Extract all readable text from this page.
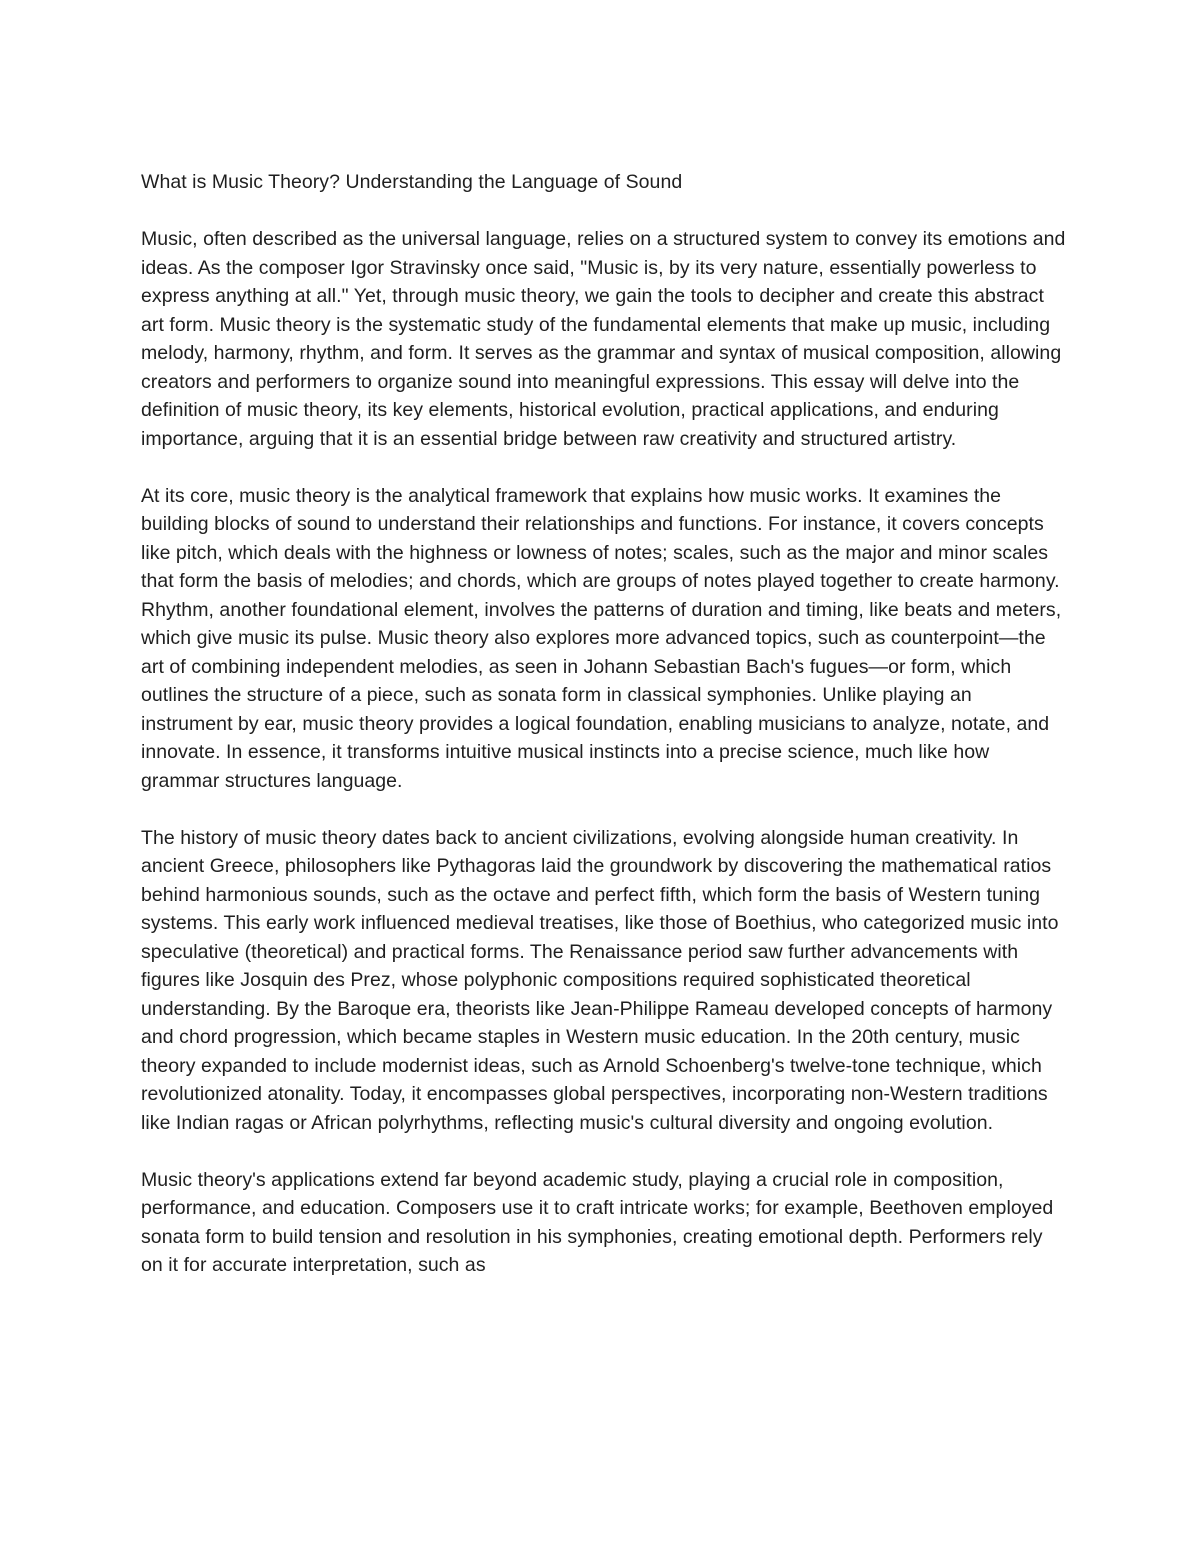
What is Music Theory? Understanding the Language of Sound
Music, often described as the universal language, relies on a structured system to convey its emotions and ideas. As the composer Igor Stravinsky once said, "Music is, by its very nature, essentially powerless to express anything at all." Yet, through music theory, we gain the tools to decipher and create this abstract art form. Music theory is the systematic study of the fundamental elements that make up music, including melody, harmony, rhythm, and form. It serves as the grammar and syntax of musical composition, allowing creators and performers to organize sound into meaningful expressions. This essay will delve into the definition of music theory, its key elements, historical evolution, practical applications, and enduring importance, arguing that it is an essential bridge between raw creativity and structured artistry.
At its core, music theory is the analytical framework that explains how music works. It examines the building blocks of sound to understand their relationships and functions. For instance, it covers concepts like pitch, which deals with the highness or lowness of notes; scales, such as the major and minor scales that form the basis of melodies; and chords, which are groups of notes played together to create harmony. Rhythm, another foundational element, involves the patterns of duration and timing, like beats and meters, which give music its pulse. Music theory also explores more advanced topics, such as counterpoint—the art of combining independent melodies, as seen in Johann Sebastian Bach's fugues—or form, which outlines the structure of a piece, such as sonata form in classical symphonies. Unlike playing an instrument by ear, music theory provides a logical foundation, enabling musicians to analyze, notate, and innovate. In essence, it transforms intuitive musical instincts into a precise science, much like how grammar structures language.
The history of music theory dates back to ancient civilizations, evolving alongside human creativity. In ancient Greece, philosophers like Pythagoras laid the groundwork by discovering the mathematical ratios behind harmonious sounds, such as the octave and perfect fifth, which form the basis of Western tuning systems. This early work influenced medieval treatises, like those of Boethius, who categorized music into speculative (theoretical) and practical forms. The Renaissance period saw further advancements with figures like Josquin des Prez, whose polyphonic compositions required sophisticated theoretical understanding. By the Baroque era, theorists like Jean-Philippe Rameau developed concepts of harmony and chord progression, which became staples in Western music education. In the 20th century, music theory expanded to include modernist ideas, such as Arnold Schoenberg's twelve-tone technique, which revolutionized atonality. Today, it encompasses global perspectives, incorporating non-Western traditions like Indian ragas or African polyrhythms, reflecting music's cultural diversity and ongoing evolution.
Music theory's applications extend far beyond academic study, playing a crucial role in composition, performance, and education. Composers use it to craft intricate works; for example, Beethoven employed sonata form to build tension and resolution in his symphonies, creating emotional depth. Performers rely on it for accurate interpretation, such as
